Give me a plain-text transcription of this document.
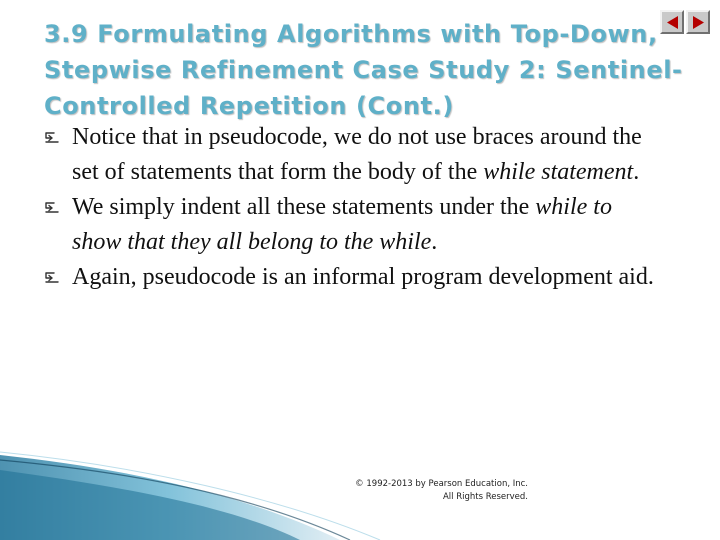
3.9 Formulating Algorithms with Top-Down,
Stepwise Refinement Case Study 2: Sentinel-
Controlled Repetition (Cont.)
Notice that in pseudocode, we do not use braces around the set of statements that form the body of the while statement.
We simply indent all these statements under the while to show that they all belong to the while.
Again, pseudocode is an informal program development aid.
© 1992-2013 by Pearson Education, Inc.
All Rights Reserved.
